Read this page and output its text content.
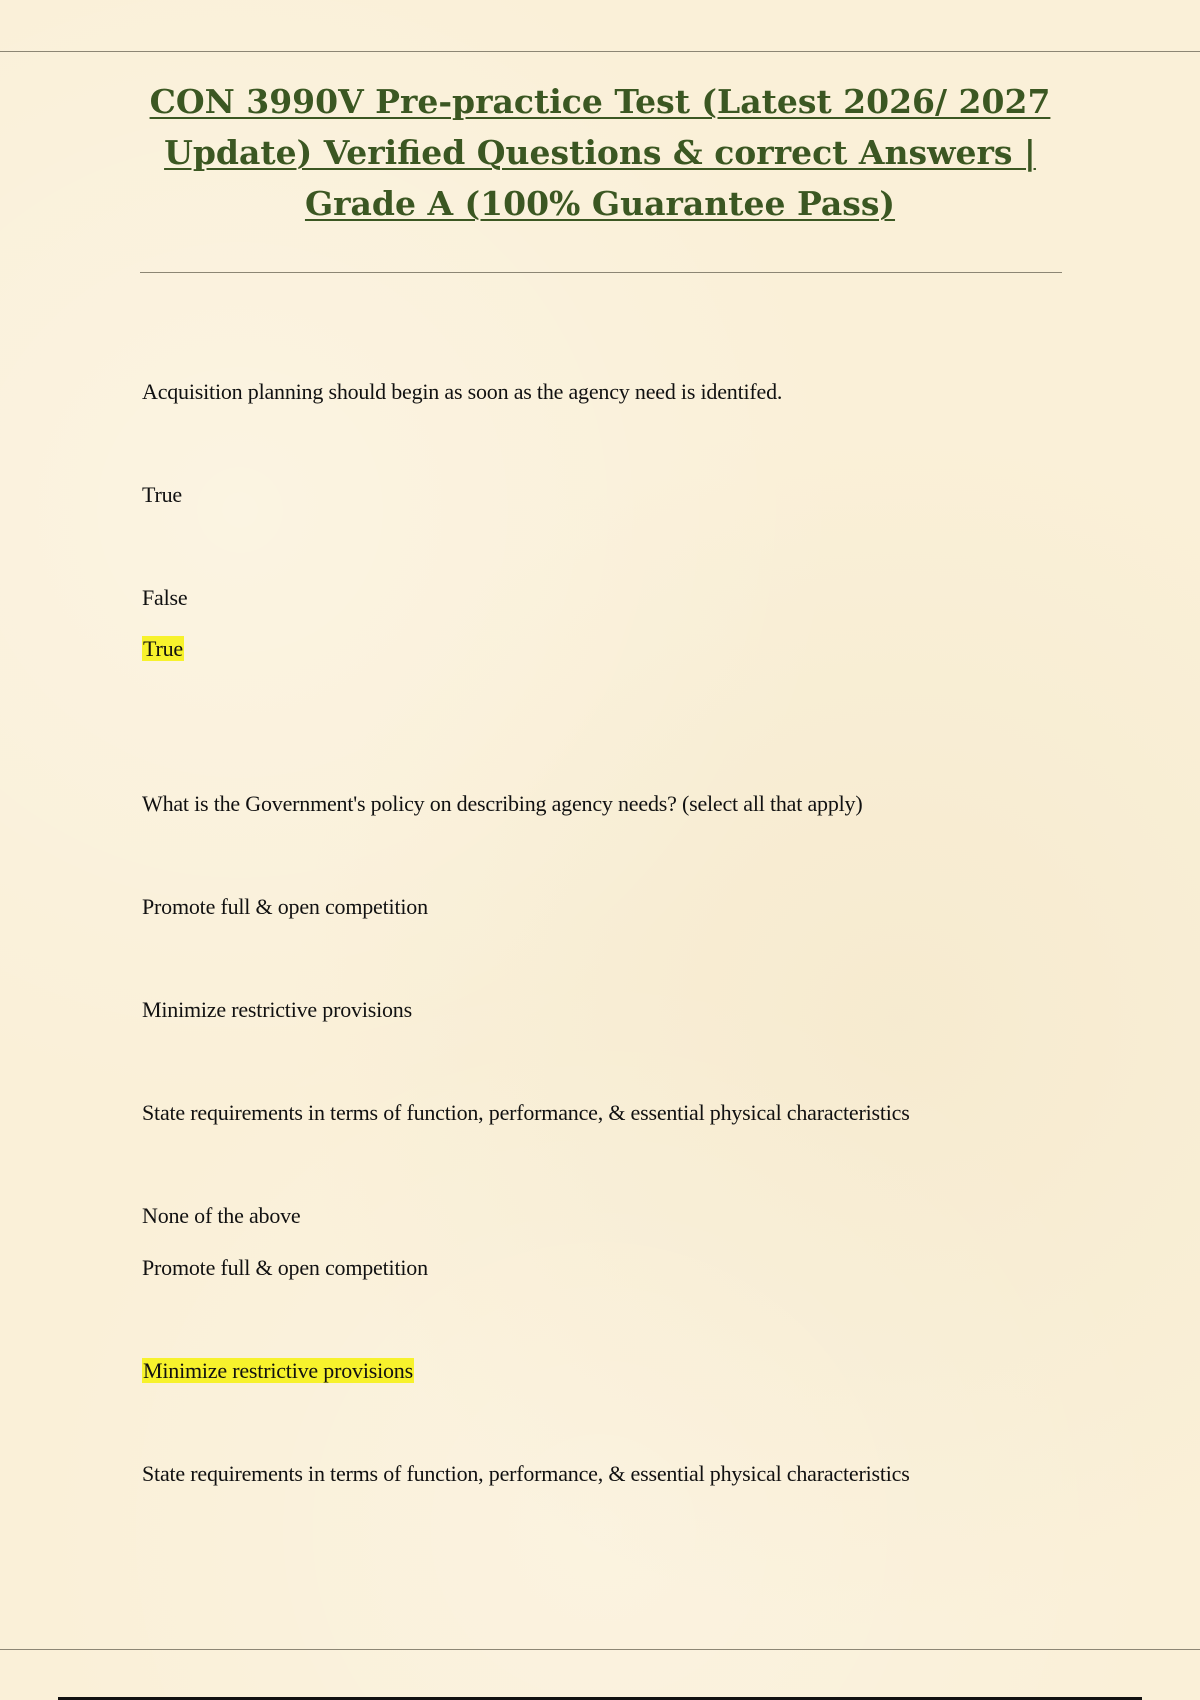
CON 3990V Pre-practice Test (Latest 2026/ 2027 Update) Verified Questions & correct Answers | Grade A (100% Guarantee Pass)
Acquisition planning should begin as soon as the agency need is identifed.
True
False
True
What is the Government's policy on describing agency needs? (select all that apply)
Promote full & open competition
Minimize restrictive provisions
State requirements in terms of function, performance, & essential physical characteristics
None of the above
Promote full & open competition
Minimize restrictive provisions
State requirements in terms of function, performance, & essential physical characteristics
